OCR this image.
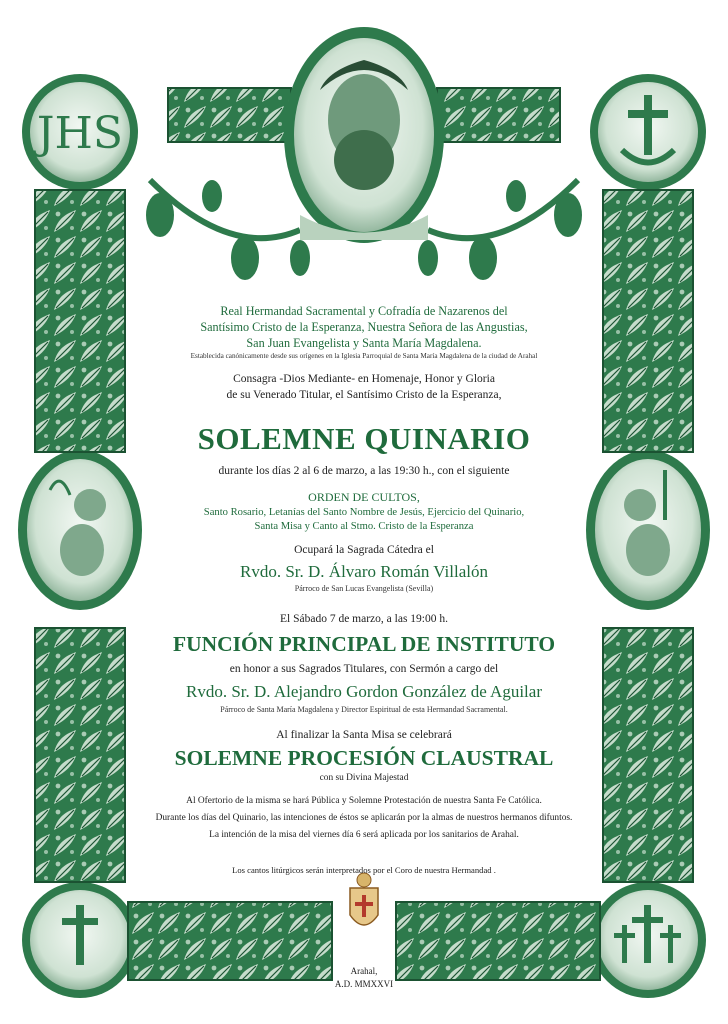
JHS

Real Hermandad Sacramental y Cofradía de Nazarenos del

Santísimo Cristo de la Esperanza, Nuestra Señora de las Angustias,

San Juan Evangelista y Santa María Magdalena.

Establecida canónicamente desde sus orígenes en la Iglesia Parroquial de Santa María Magdalena de la ciudad de Arahal

Consagra -Dios Mediante- en Homenaje, Honor y Gloria

de su Venerado Titular, el Santísimo Cristo de la Esperanza,

SOLEMNE QUINARIO

durante los días 2 al 6 de marzo, a las 19:30 h., con el siguiente

ORDEN DE CULTOS,

Santo Rosario, Letanías del Santo Nombre de Jesús, Ejercicio del Quinario,

Santa Misa y Canto al Stmo. Cristo de la Esperanza

Ocupará la Sagrada Cátedra el

Rvdo. Sr. D. Álvaro Román Villalón

Párroco de San Lucas Evangelista (Sevilla)

El Sábado 7 de marzo, a las 19:00 h.

FUNCIÓN PRINCIPAL DE INSTITUTO

en honor a sus Sagrados Titulares, con Sermón a cargo del

Rvdo. Sr. D. Alejandro Gordon González de Aguilar

Párroco de Santa María Magdalena y Director Espiritual de esta Hermandad Sacramental.

Al finalizar la Santa Misa se celebrará

SOLEMNE PROCESIÓN CLAUSTRAL

con su Divina Majestad

Al Ofertorio de la misma se hará Pública y Solemne Protestación de nuestra Santa Fe Católica.

Durante los días del Quinario, las intenciones de éstos se aplicarán por la almas de nuestros hermanos difuntos.

La intención de la misa del viernes día 6 será aplicada por los sanitarios de Arahal.

Los cantos litúrgicos serán interpretados por el Coro de nuestra Hermandad .

Arahal,

A.D. MMXXVI
